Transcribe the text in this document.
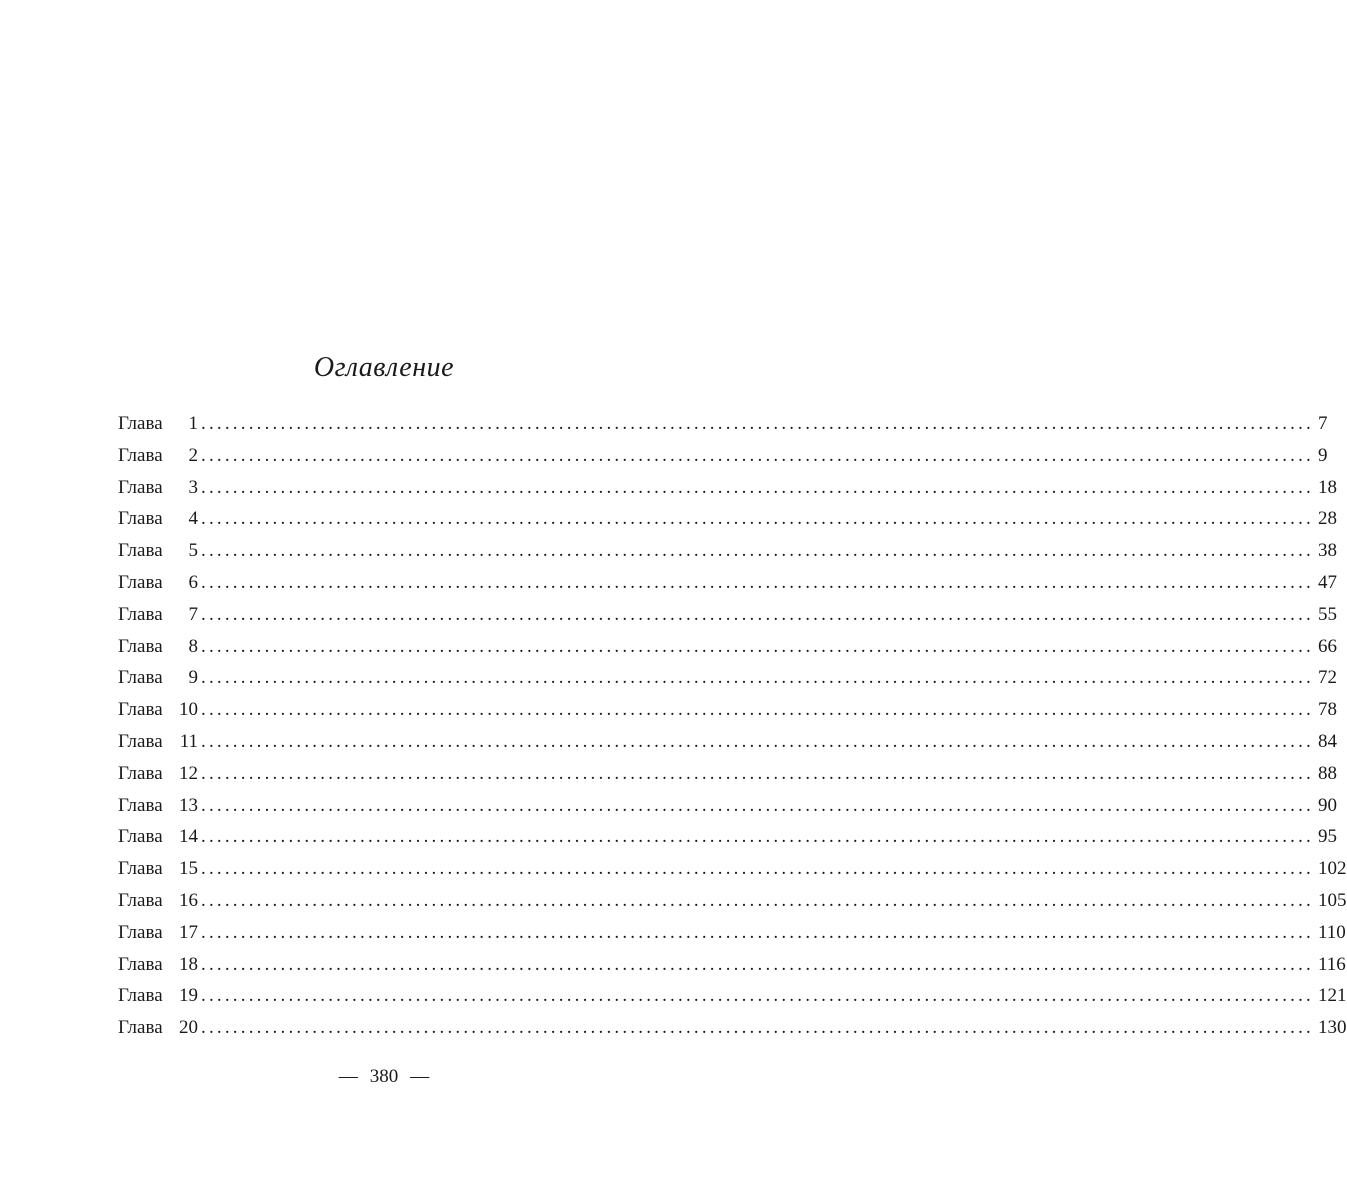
Оглавление
Глава	1 ............................................................................................................................................ 7
Глава	2 ............................................................................................................................................ 9
Глава	3 ............................................................................................................................................ 18
Глава	4 ............................................................................................................................................ 28
Глава	5 ............................................................................................................................................ 38
Глава	6 ............................................................................................................................................ 47
Глава	7 ............................................................................................................................................ 55
Глава	8 ............................................................................................................................................ 66
Глава	9 ............................................................................................................................................ 72
Глава 10 ............................................................................................................................................ 78
Глава 11 ............................................................................................................................................ 84
Глава 12 ............................................................................................................................................ 88
Глава 13 ............................................................................................................................................ 90
Глава 14 ............................................................................................................................................ 95
Глава 15 ............................................................................................................................................ 102
Глава 16 ............................................................................................................................................ 105
Глава 17 ............................................................................................................................................ 110
Глава 18 ............................................................................................................................................ 116
Глава 19 ............................................................................................................................................ 121
Глава 20 ............................................................................................................................................ 130
— 380 —
